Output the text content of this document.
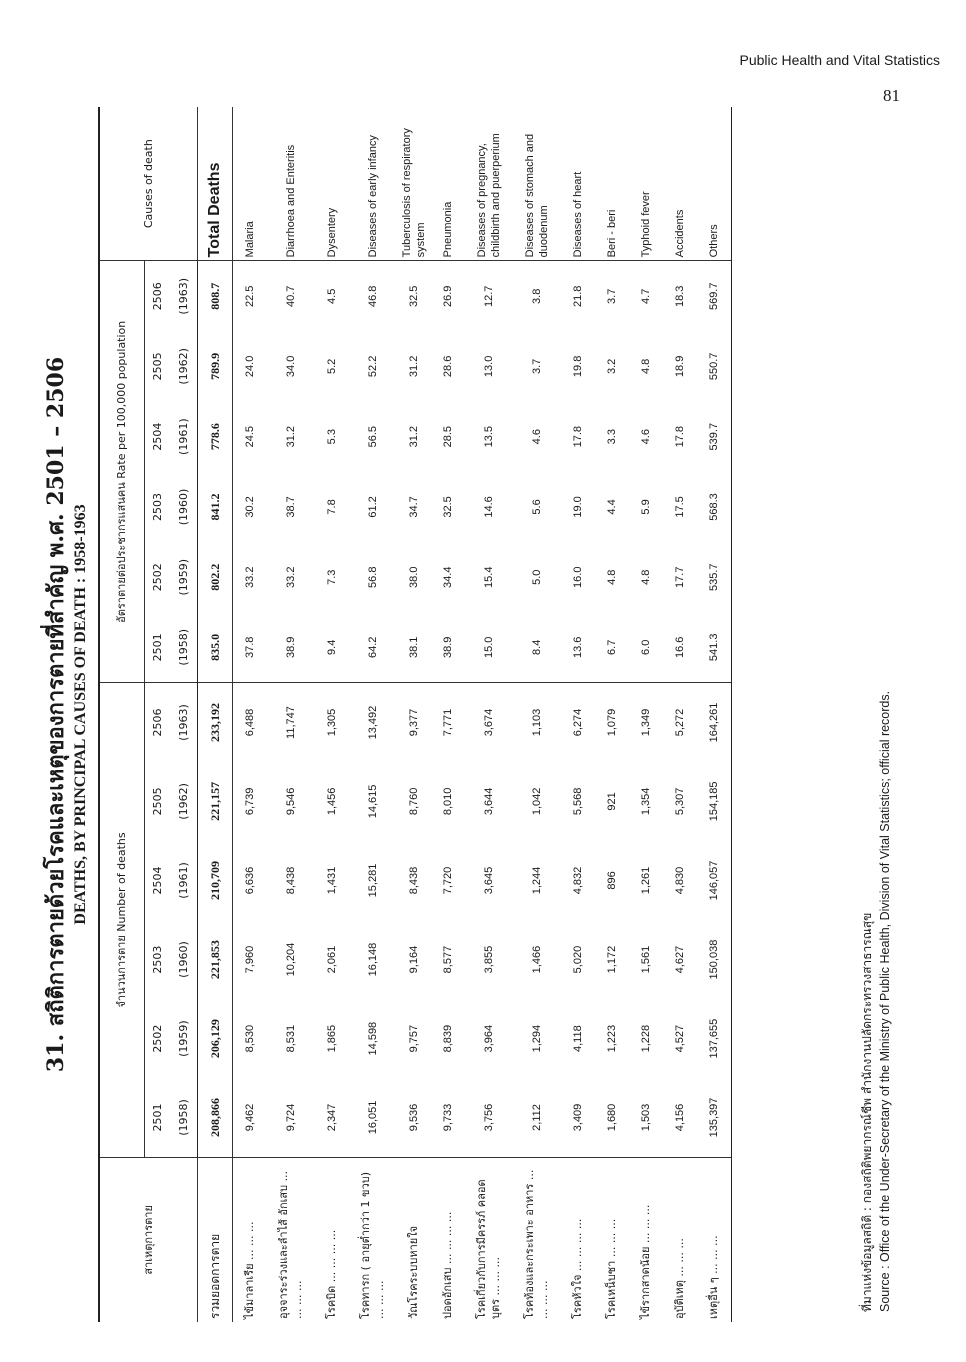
Public Health and Vital Statistics
81
31. สถิติการตายด้วยโรคและเหตุของการตายที่สำคัญ พ.ศ. 2501 – 2506 DEATHS, BY PRINCIPAL CAUSES OF DEATH : 1958-1963
สาเหตุการตาย	จำนวนการตาย Number of deaths						อัตราตายต่อประชากรแสนคน Rate per 100,000 population						Causes of death
	2501	2502	2503	2504	2505	2506	2501	2502	2503	2504	2505	2506	
	(1958)	(1959)	(1960)	(1961)	(1962)	(1963)	(1958)	(1959)	(1960)	(1961)	(1962)	(1963)	
รวมยอดการตาย	208,866	206,129	221,853	210,709	221,157	233,192	835.0	802.2	841.2	778.6	789.9	808.7	Total Deaths
ไข้มาลาเรีย ... ... ...	9,462	8,530	7,960	6,636	6,739	6,488	37.8	33.2	30.2	24.5	24.0	22.5	Malaria
อุจจาระร่วงและลำไส้ อักเสบ ... ... ... ...	9,724	8,531	10,204	8,438	9,546	11,747	38.9	33.2	38.7	31.2	34.0	40.7	Diarrhoea and Enteritis
โรคบิด ... ... ... ...	2,347	1,865	2,061	1,431	1,456	1,305	9.4	7.3	7.8	5.3	5.2	4.5	Dysentery
โรคทารก ( อายุต่ำกว่า 1 ขวบ) ... ... ...	16,051	14,598	16,148	15,281	14,615	13,492	64.2	56.8	61.2	56.5	52.2	46.8	Diseases of early infancy
วัณโรคระบบหายใจ	9,536	9,757	9,164	8,438	8,760	9,377	38.1	38.0	34.7	31.2	31.2	32.5	Tuberculosis of respiratory system
ปอดอักเสบ ... ... ... ...	9,733	8,839	8,577	7,720	8,010	7,771	38.9	34.4	32.5	28.5	28.6	26.9	Pneumonia
โรคเกี่ยวกับการมีครรภ์ คลอดบุตร ... ... ...	3,756	3,964	3,855	3,645	3,644	3,674	15.0	15.4	14.6	13.5	13.0	12.7	Diseases of pregnancy, childbirth and puerperium
โรคท้องและกระเพาะ อาหาร ... ... ... ...	2,112	1,294	1,466	1,244	1,042	1,103	8.4	5.0	5.6	4.6	3.7	3.8	Diseases of stomach and duodenum
โรคหัวใจ ... ... ... ...	3,409	4,118	5,020	4,832	5,568	6,274	13.6	16.0	19.0	17.8	19.8	21.8	Diseases of heart
โรคเหน็บชา ... ... ...	1,680	1,223	1,172	896	921	1,079	6.7	4.8	4.4	3.3	3.2	3.7	Beri - beri
ไข้รากสาดน้อย ... ... ...	1,503	1,228	1,561	1,261	1,354	1,349	6.0	4.8	5.9	4.6	4.8	4.7	Typhoid fever
อุบัติเหตุ ... ... ...	4,156	4,527	4,627	4,830	5,307	5,272	16.6	17.7	17.5	17.8	18.9	18.3	Accidents
เหตุอื่น ๆ ... ... ...	135,397	137,655	150,038	146,057	154,185	164,261	541.3	535.7	568.3	539.7	550.7	569.7	Others
ที่มาแห่งข้อมูลสถิติ : กองสถิติพยากรณ์ชีพ สำนักงานปลัดกระทรวงสาธารณสุข Source : Office of the Under-Secretary of the Ministry of Public Health, Division of Vital Statistics; official records.
